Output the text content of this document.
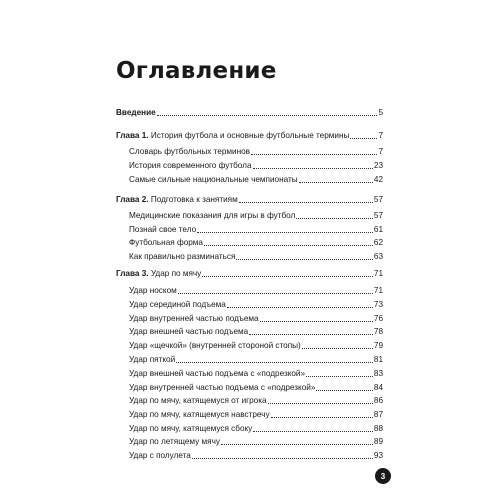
Оглавление
Введение	5
Глава 1. История футбола и основные футбольные термины	7
Словарь футбольных терминов	7
История современного футбола	23
Самые сильные национальные чемпионаты	42
Глава 2. Подготовка к занятиям	57
Медицинские показания для игры в футбол	57
Познай свое тело	61
Футбольная форма	62
Как правильно разминаться	63
Глава 3. Удар по мячу	71
Удар носком	71
Удар серединой подъема	73
Удар внутренней частью подъема	76
Удар внешней частью подъема	78
Удар «щечкой» (внутренней стороной стопы)	79
Удар пяткой	81
Удар внешней частью подъема с «подрезкой»	83
Удар внутренней частью подъема с «подрезкой»	84
Удар по мячу, катящемуся от игрока	86
Удар по мячу, катящемуся навстречу	87
Удар по мячу, катящемуся сбоку	88
Удар по летящему мячу	89
Удар с полулета	93
3
